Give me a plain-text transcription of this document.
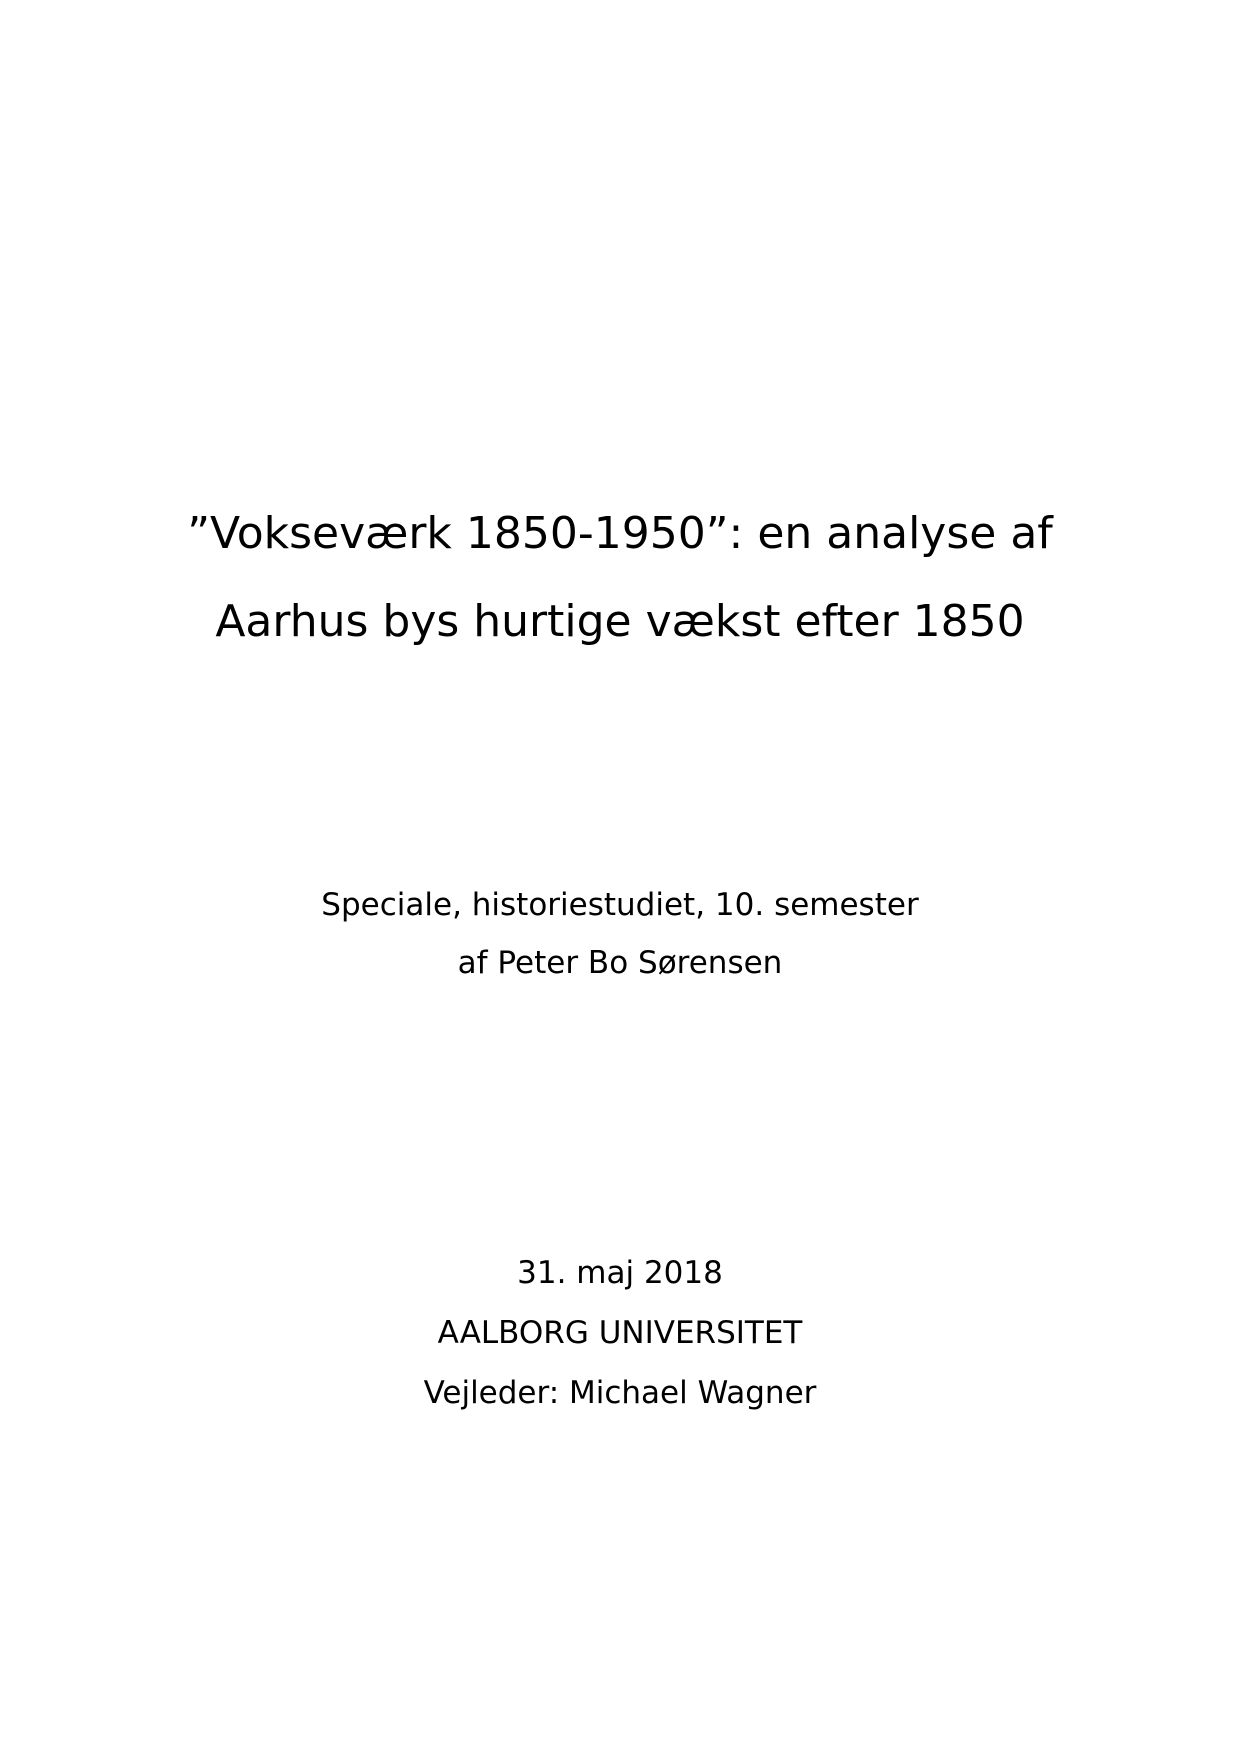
”Vokseværk 1850-1950”: en analyse af
Aarhus bys hurtige vækst efter 1850
Speciale, historiestudiet, 10. semester
af Peter Bo Sørensen
31. maj 2018
AALBORG UNIVERSITET
Vejleder: Michael Wagner
